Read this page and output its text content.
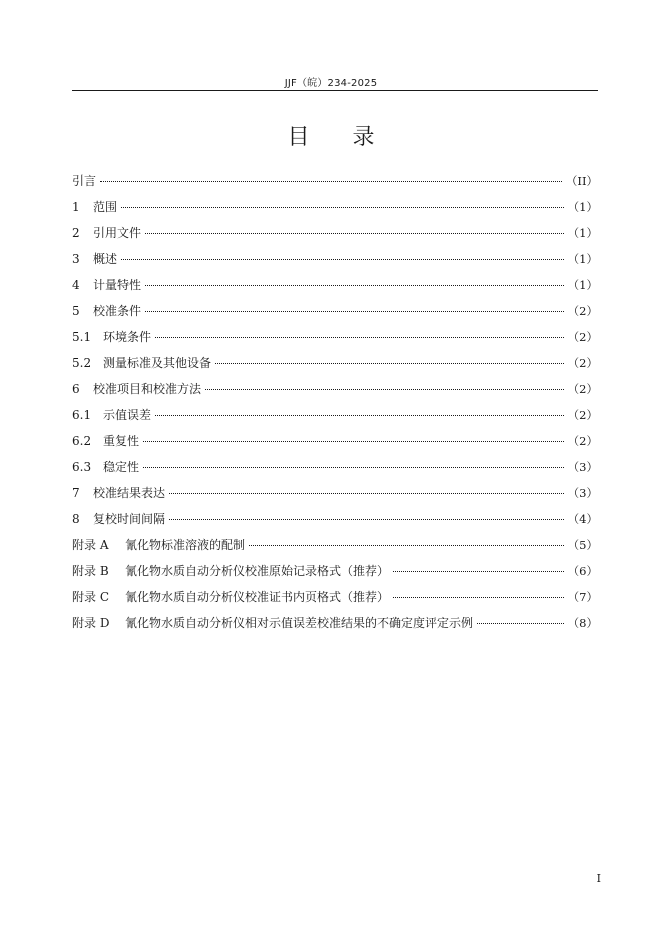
JJF（皖）234-2025
目 录
引言	（II）
1	范围	（1）
2	引用文件	（1）
3	概述	（1）
4	计量特性	（1）
5	校准条件	（2）
5.1 环境条件	（2）
5.2 测量标准及其他设备	（2）
6	校准项目和校准方法	（2）
6.1 示值误差	（2）
6.2 重复性	（2）
6.3 稳定性	（3）
7	校准结果表达	（3）
8	复校时间间隔	（4）
附录 A	氰化物标准溶液的配制	（5）
附录 B	氰化物水质自动分析仪校准原始记录格式（推荐）	（6）
附录 C	氰化物水质自动分析仪校准证书内页格式（推荐）	（7）
附录 D	氰化物水质自动分析仪相对示值误差校准结果的不确定度评定示例	（8）
I
